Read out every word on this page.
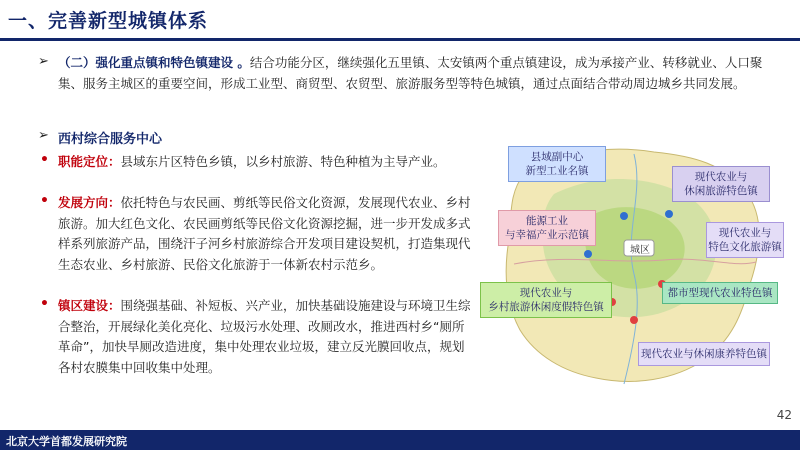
一、完善新型城镇体系
➢ （二）强化重点镇和特色镇建设 。结合功能分区，继续强化五里镇、太安镇两个重点镇建设，成为承接产业、转移就业、人口聚集、服务主城区的重要空间，形成工业型、商贸型、农贸型、旅游服务型等特色城镇，通过点面结合带动周边城乡共同发展。
➢ 西村综合服务中心
• 职能定位：县域东片区特色乡镇，以乡村旅游、特色种植为主导产业。
• 发展方向：依托特色与农民画、剪纸等民俗文化资源，发展现代农业、乡村旅游。加大红色文化、农民画剪纸等民俗文化资源挖掘，进一步开发成多式样系列旅游产品，围绕汗子河乡村旅游综合开发项目建设契机，打造集现代生态农业、乡村旅游、民俗文化旅游于一体新农村示范乡。
• 镇区建设：围绕强基础、补短板、兴产业，加快基础设施建设与环境卫生综合整治，开展绿化美化亮化、垃圾污水处理、改厕改水，推进西村乡“厕所革命”，加快旱厕改造进度，集中处理农业垃圾，建立反光膜回收点，规划各村农膜集中回收集中处理。
城区
县域副中心
新型工业名镇	现代农业与
休闲旅游特色镇
能源工业
与幸福产业示范镇	现代农业与
特色文化旅游镇
现代农业与
乡村旅游休闲度假特色镇
都市型现代农业特色镇
现代农业与休闲康养特色镇
42
北京大学首都发展研究院
